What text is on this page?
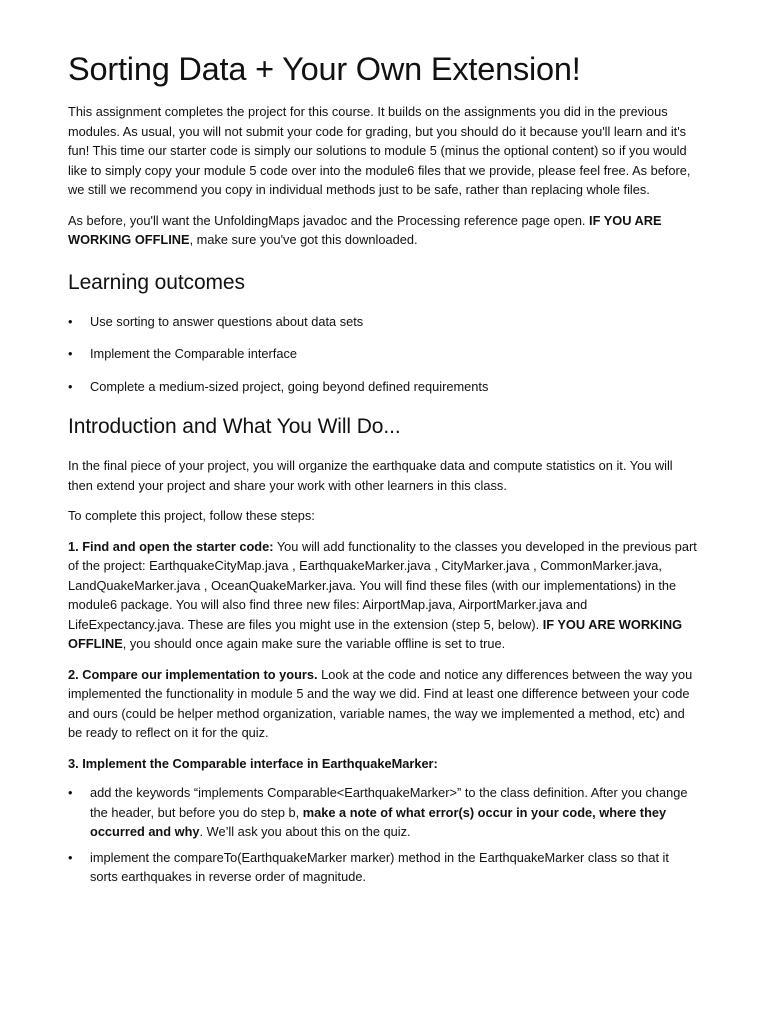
Sorting Data + Your Own Extension!

This assignment completes the project for this course. It builds on the assignments you did in the previous modules. As usual, you will not submit your code for grading, but you should do it because you'll learn and it's fun! This time our starter code is simply our solutions to module 5 (minus the optional content) so if you would like to simply copy your module 5 code over into the module6 files that we provide, please feel free. As before, we still we recommend you copy in individual methods just to be safe, rather than replacing whole files.

As before, you'll want the UnfoldingMaps javadoc and the Processing reference page open. IF YOU ARE WORKING OFFLINE, make sure you've got this downloaded.

Learning outcomes
• Use sorting to answer questions about data sets
• Implement the Comparable interface
• Complete a medium-sized project, going beyond defined requirements
Introduction and What You Will Do...

In the final piece of your project, you will organize the earthquake data and compute statistics on it. You will then extend your project and share your work with other learners in this class.

To complete this project, follow these steps:

1. Find and open the starter code: You will add functionality to the classes you developed in the previous part of the project: EarthquakeCityMap.java , EarthquakeMarker.java , CityMarker.java , CommonMarker.java, LandQuakeMarker.java , OceanQuakeMarker.java. You will find these files (with our implementations) in the module6 package. You will also find three new files: AirportMap.java, AirportMarker.java and LifeExpectancy.java. These are files you might use in the extension (step 5, below). IF YOU ARE WORKING OFFLINE, you should once again make sure the variable offline is set to true.

2. Compare our implementation to yours. Look at the code and notice any differences between the way you implemented the functionality in module 5 and the way we did. Find at least one difference between your code and ours (could be helper method organization, variable names, the way we implemented a method, etc) and be ready to reflect on it for the quiz.

3. Implement the Comparable interface in EarthquakeMarker:

• add the keywords “implements Comparable<EarthquakeMarker>” to the class definition. After you change the header, but before you do step b, make a note of what error(s) occur in your code, where they occurred and why. We’ll ask you about this on the quiz.
• implement the compareTo(EarthquakeMarker marker) method in the EarthquakeMarker class so that it sorts earthquakes in reverse order of magnitude.
